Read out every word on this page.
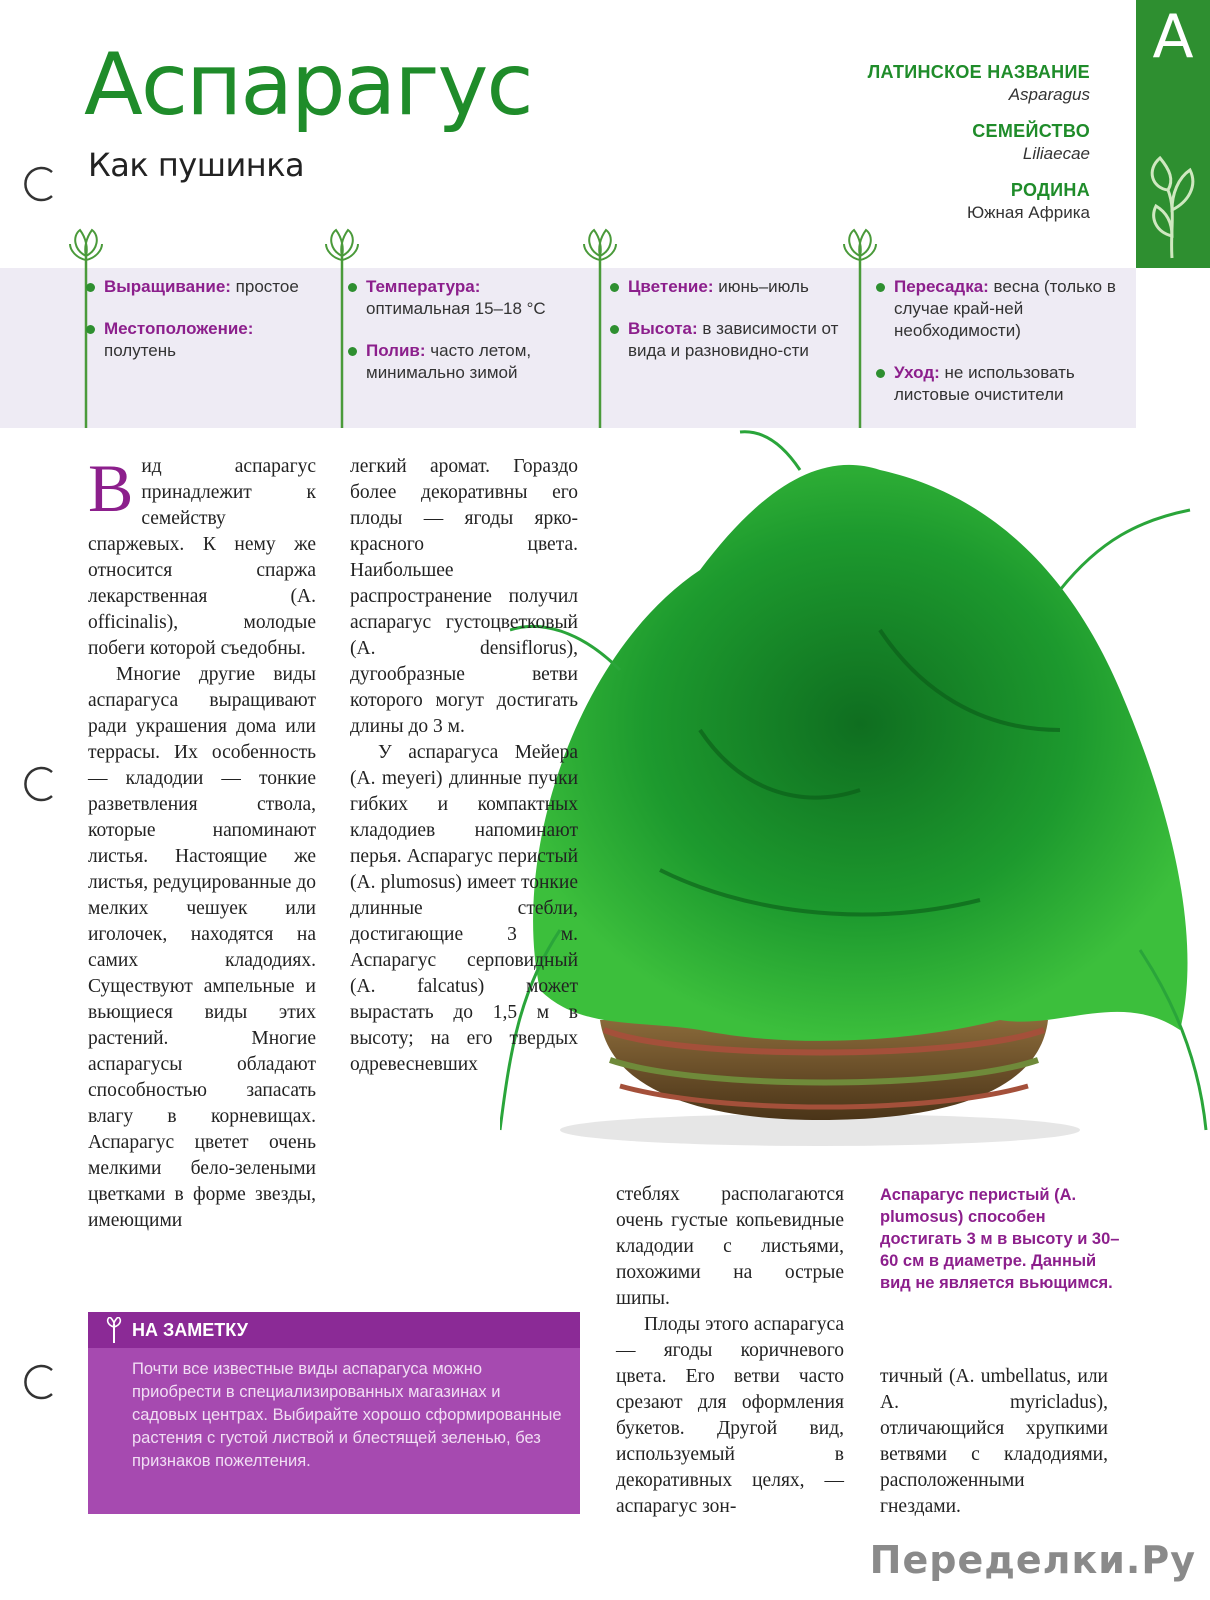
Аспарагус
Как пушинка
ЛАТИНСКОЕ НАЗВАНИЕ
Asparagus
СЕМЕЙСТВО
Liliaecae
РОДИНА
Южная Африка
А
Выращивание: простое
Местоположение:
полутень
Температура:
оптимальная 15–18 °С
Полив: часто летом, минимально зимой
Цветение: июнь–июль
Высота: в зависимости от вида и разновидно-сти
Пересадка: весна (только в случае край-ней необходимости)
Уход: не использовать листовые очистители

Вид аспарагус принадлежит к семейству спаржевых. К нему же относится спаржа лекарственная (A. officinalis), молодые побеги которой съедобны.

Многие другие виды аспарагуса выращивают ради украшения дома или террасы. Их особенность — кладодии — тонкие разветвления ствола, которые напоминают листья. Настоящие же листья, редуцированные до мелких чешуек или иголочек, находятся на самих кладодиях. Существуют ампельные и вьющиеся виды этих растений. Многие аспарагусы обладают способностью запасать влагу в корневищах. Аспарагус цветет очень мелкими бело-зелеными цветками в форме звезды, имеющими

легкий аромат. Гораздо более декоративны его плоды — ягоды ярко-красного цвета. Наибольшее распространение получил аспарагус густоцветковый (A. densiflorus), дугообразные ветви которого могут достигать длины до 3 м.

У аспарагуса Мейера (A. meyeri) длинные пучки гибких и компактных кладодиев напоминают перья. Аспарагус перистый (A. plumosus) имеет тонкие длинные стебли, достигающие 3 м. Аспарагус серповидный (A. falcatus) может вырастать до 1,5 м в высоту; на его твердых одревесневших

стеблях располагаются очень густые копьевидные кладодии с листьями, похожими на острые шипы.

Плоды этого аспарагуса — ягоды коричневого цвета. Его ветви часто срезают для оформления букетов. Другой вид, используемый в декоративных целях, — аспарагус зон-

тичный (A. umbellatus, или A. myricladus), отличающийся хрупкими ветвями с кладодиями, расположенными гнездами.

Аспарагус перистый (A. plumosus) способен достигать 3 м в высоту и 30–60 см в диаметре. Данный вид не является вьющимся.
НА ЗАМЕТКУ
Почти все известные виды аспарагуса можно приобрести в специализированных магазинах и садовых центрах. Выбирайте хорошо сформированные растения с густой листвой и блестящей зеленью, без признаков пожелтения.
Переделки.Ру
